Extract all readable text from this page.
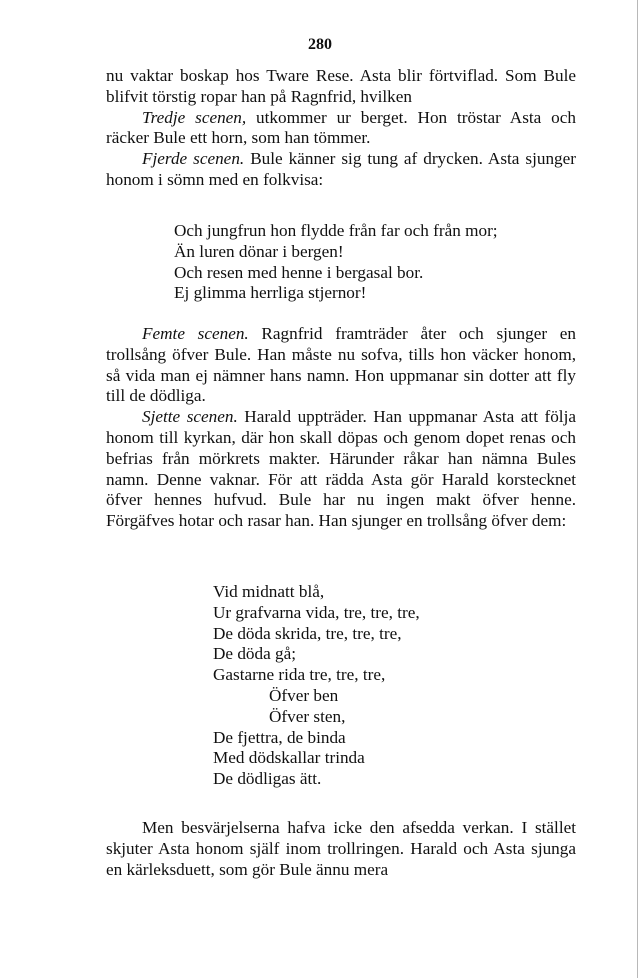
280

nu vaktar boskap hos Tware Rese. Asta blir förtviflad. Som Bule blifvit törstig ropar han på Ragnfrid, hvilken

Tredje scenen, utkommer ur berget. Hon tröstar Asta och räcker Bule ett horn, som han tömmer.

Fjerde scenen. Bule känner sig tung af drycken. Asta sjunger honom i sömn med en folkvisa:

Och jungfrun hon flydde från far och från mor;
Än luren dönar i bergen!
Och resen med henne i bergasal bor.
Ej glimma herrliga stjernor!

Femte scenen. Ragnfrid framträder åter och sjunger en trollsång öfver Bule. Han måste nu sofva, tills hon väcker honom, så vida man ej nämner hans namn. Hon uppmanar sin dotter att fly till de dödliga.

Sjette scenen. Harald uppträder. Han uppmanar Asta att följa honom till kyrkan, där hon skall döpas och genom dopet renas och befrias från mörkrets makter. Härunder råkar han nämna Bules namn. Denne vaknar. För att rädda Asta gör Harald korstecknet öfver hennes hufvud. Bule har nu ingen makt öfver henne. Förgäfves hotar och rasar han. Han sjunger en trollsång öfver dem:

Vid midnatt blå,
Ur grafvarna vida, tre, tre, tre,
De döda skrida, tre, tre, tre,
De döda gå;
Gastarne rida tre, tre, tre,
Öfver ben
Öfver sten,
De fjettra, de binda
Med dödskallar trinda
De dödligas ätt.

Men besvärjelserna hafva icke den afsedda verkan. I stället skjuter Asta honom själf inom trollringen. Harald och Asta sjunga en kärleksduett, som gör Bule ännu mera
